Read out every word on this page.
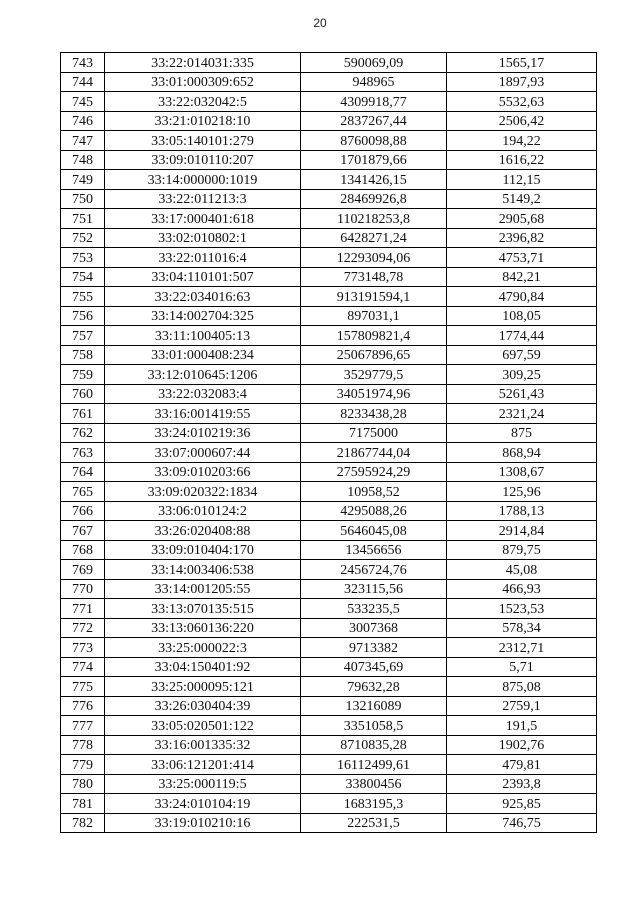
20
743	33:22:014031:335	590069,09	1565,17
744	33:01:000309:652	948965	1897,93
745	33:22:032042:5	4309918,77	5532,63
746	33:21:010218:10	2837267,44	2506,42
747	33:05:140101:279	8760098,88	194,22
748	33:09:010110:207	1701879,66	1616,22
749	33:14:000000:1019	1341426,15	112,15
750	33:22:011213:3	28469926,8	5149,2
751	33:17:000401:618	110218253,8	2905,68
752	33:02:010802:1	6428271,24	2396,82
753	33:22:011016:4	12293094,06	4753,71
754	33:04:110101:507	773148,78	842,21
755	33:22:034016:63	913191594,1	4790,84
756	33:14:002704:325	897031,1	108,05
757	33:11:100405:13	157809821,4	1774,44
758	33:01:000408:234	25067896,65	697,59
759	33:12:010645:1206	3529779,5	309,25
760	33:22:032083:4	34051974,96	5261,43
761	33:16:001419:55	8233438,28	2321,24
762	33:24:010219:36	7175000	875
763	33:07:000607:44	21867744,04	868,94
764	33:09:010203:66	27595924,29	1308,67
765	33:09:020322:1834	10958,52	125,96
766	33:06:010124:2	4295088,26	1788,13
767	33:26:020408:88	5646045,08	2914,84
768	33:09:010404:170	13456656	879,75
769	33:14:003406:538	2456724,76	45,08
770	33:14:001205:55	323115,56	466,93
771	33:13:070135:515	533235,5	1523,53
772	33:13:060136:220	3007368	578,34
773	33:25:000022:3	9713382	2312,71
774	33:04:150401:92	407345,69	5,71
775	33:25:000095:121	79632,28	875,08
776	33:26:030404:39	13216089	2759,1
777	33:05:020501:122	3351058,5	191,5
778	33:16:001335:32	8710835,28	1902,76
779	33:06:121201:414	16112499,61	479,81
780	33:25:000119:5	33800456	2393,8
781	33:24:010104:19	1683195,3	925,85
782	33:19:010210:16	222531,5	746,75
